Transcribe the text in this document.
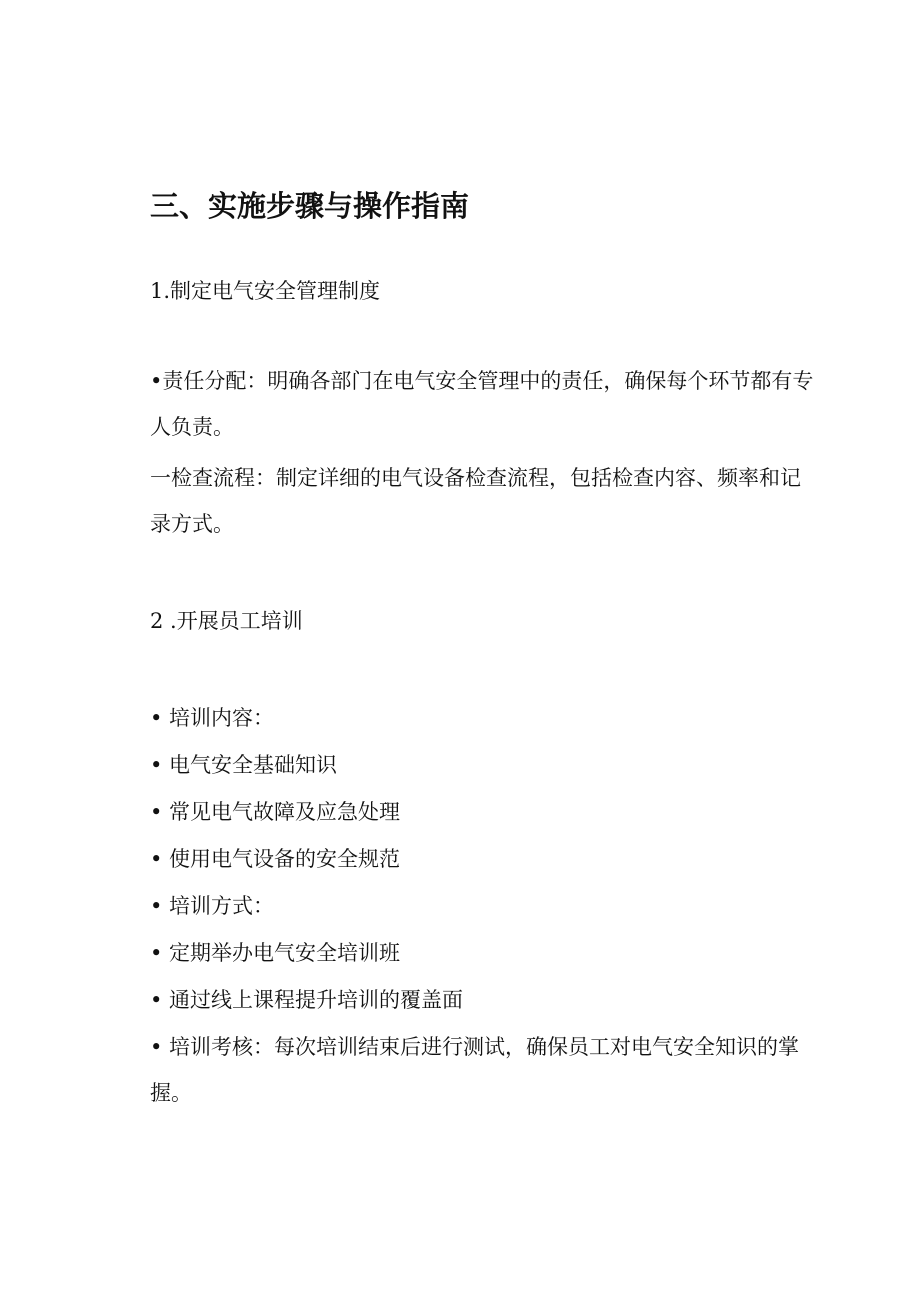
三、实施步骤与操作指南
1.制定电气安全管理制度
•责任分配：明确各部门在电气安全管理中的责任，确保每个环节都有专人负责。
一检查流程：制定详细的电气设备检查流程，包括检查内容、频率和记录方式。
2 .开展员工培训
• 培训内容：
• 电气安全基础知识
• 常见电气故障及应急处理
• 使用电气设备的安全规范
• 培训方式：
• 定期举办电气安全培训班
• 通过线上课程提升培训的覆盖面
• 培训考核：每次培训结束后进行测试，确保员工对电气安全知识的掌握。
